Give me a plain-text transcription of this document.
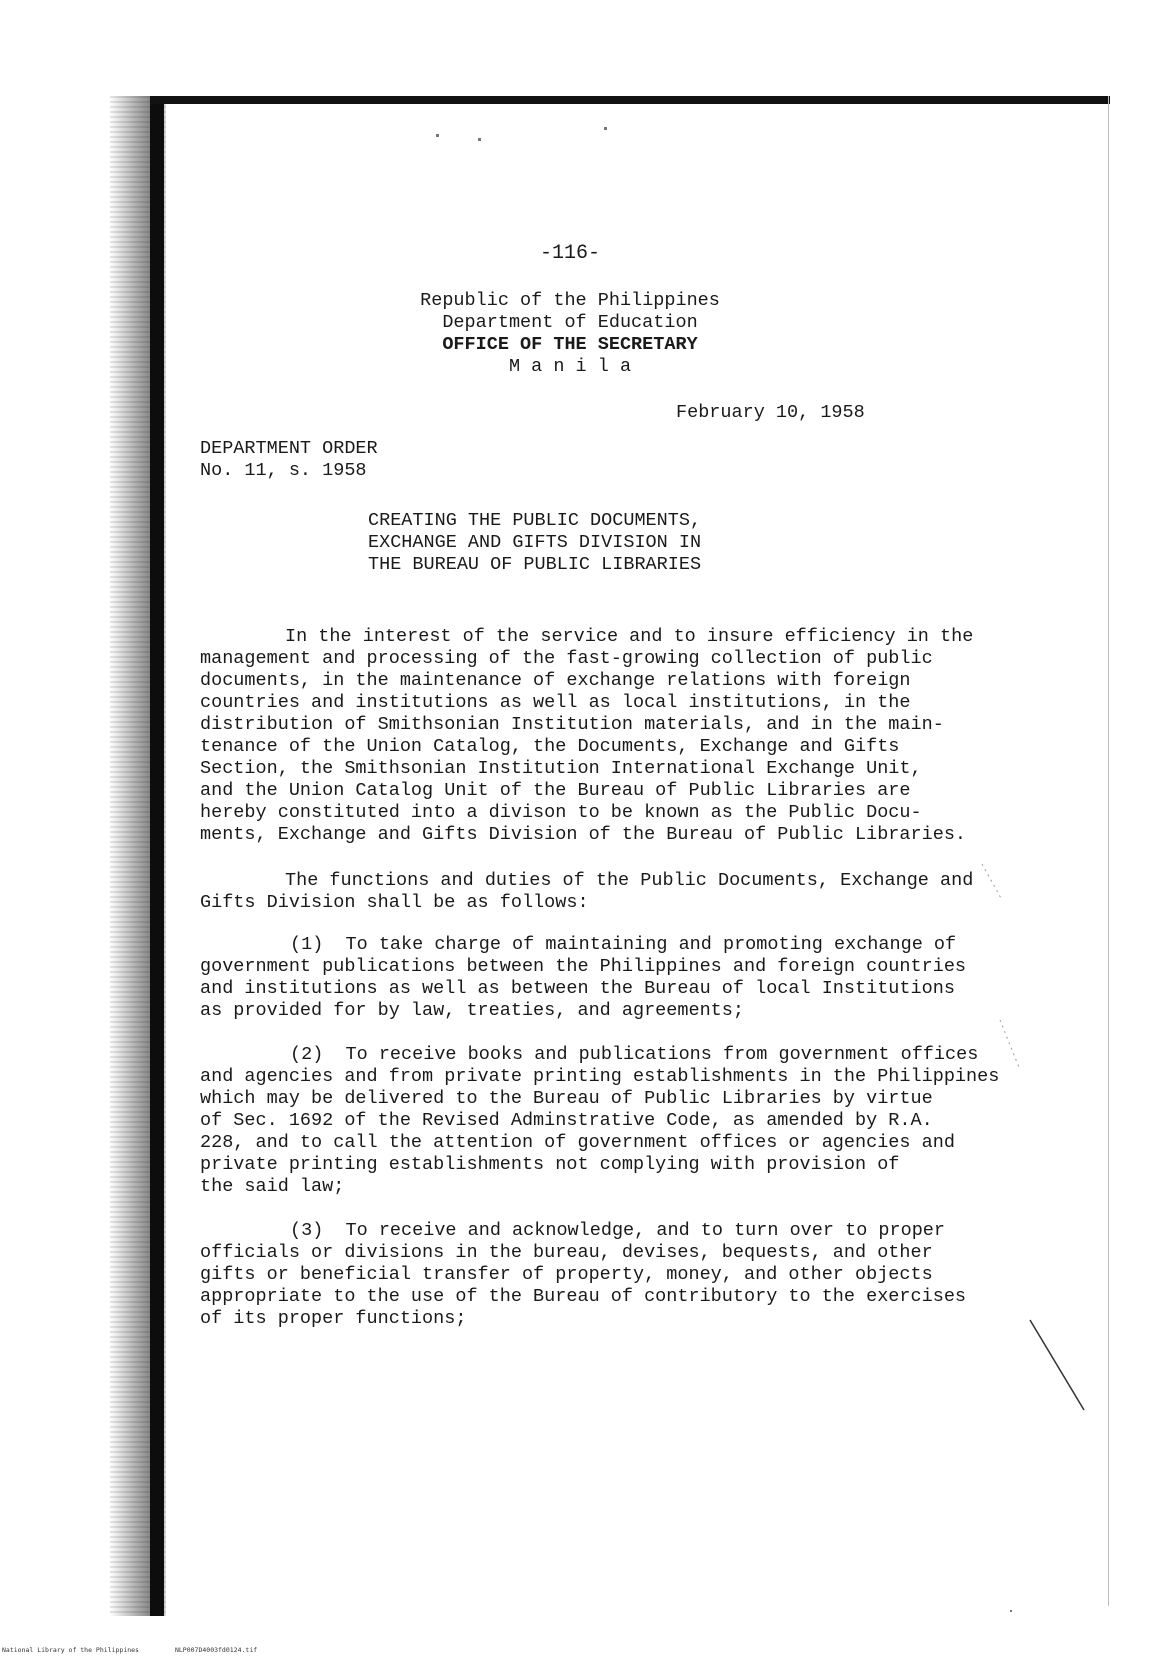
-116-
Republic of the Philippines
Department of Education
OFFICE OF THE SECRETARY
M a n i l a
February 10, 1958
DEPARTMENT ORDER
No. 11, s. 1958
CREATING THE PUBLIC DOCUMENTS,
EXCHANGE AND GIFTS DIVISION IN
THE BUREAU OF PUBLIC LIBRARIES
In the interest of the service and to insure efficiency in the
management and processing of the fast-growing collection of public
documents, in the maintenance of exchange relations with foreign
countries and institutions as well as local institutions, in the
distribution of Smithsonian Institution materials, and in the main-
tenance of the Union Catalog, the Documents, Exchange and Gifts
Section, the Smithsonian Institution International Exchange Unit,
and the Union Catalog Unit of the Bureau of Public Libraries are
hereby constituted into a divison to be known as the Public Docu-
ments, Exchange and Gifts Division of the Bureau of Public Libraries.
The functions and duties of the Public Documents, Exchange and
Gifts Division shall be as follows:
(1)  To take charge of maintaining and promoting exchange of
government publications between the Philippines and foreign countries
and institutions as well as between the Bureau of local Institutions
as provided for by law, treaties, and agreements;
(2)  To receive books and publications from government offices
and agencies and from private printing establishments in the Philippines
which may be delivered to the Bureau of Public Libraries by virtue
of Sec. 1692 of the Revised Adminstrative Code, as amended by R.A.
228, and to call the attention of government offices or agencies and
private printing establishments not complying with provision of
the said law;
(3)  To receive and acknowledge, and to turn over to proper
officials or divisions in the bureau, devises, bequests, and other
gifts or beneficial transfer of property, money, and other objects
appropriate to the use of the Bureau of contributory to the exercises
of its proper functions;
National Library of the Philippines	NLP007D4003fd0124.tif
